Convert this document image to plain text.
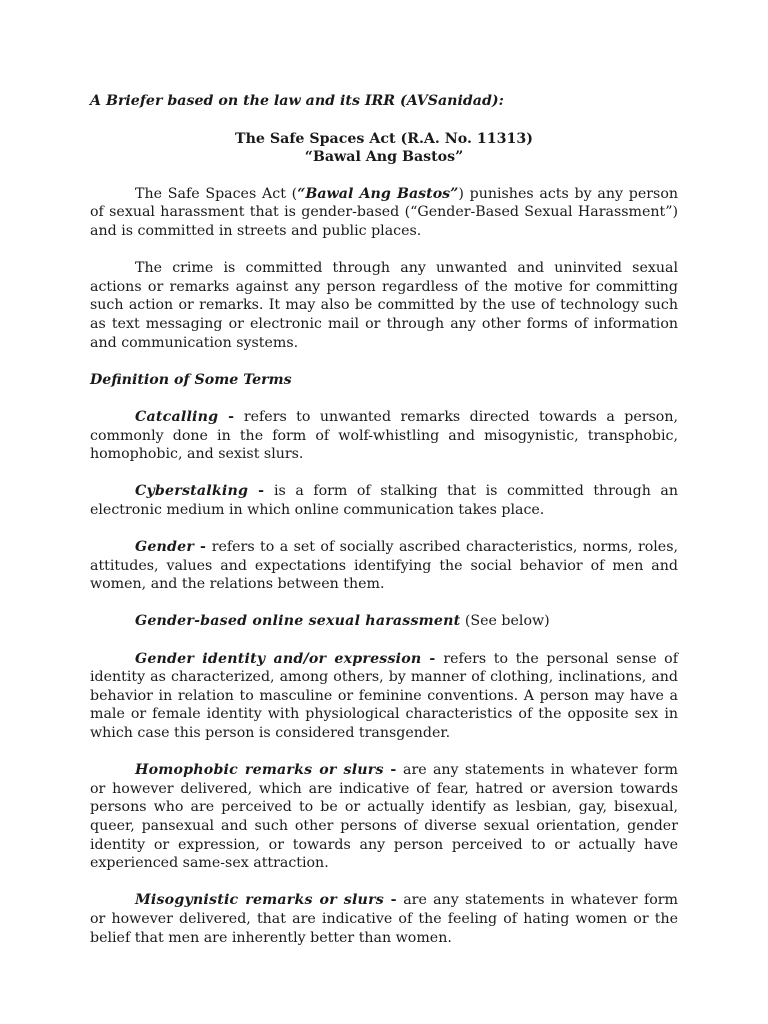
A Briefer based on the law and its IRR (AVSanidad):
The Safe Spaces Act (R.A. No. 11313)
“Bawal Ang Bastos”

The Safe Spaces Act (“Bawal Ang Bastos”) punishes acts by any person of sexual harassment that is gender-based (“Gender-Based Sexual Harassment”) and is committed in streets and public places.

The crime is committed through any unwanted and uninvited sexual actions or remarks against any person regardless of the motive for committing such action or remarks. It may also be committed by the use of technology such as text messaging or electronic mail or through any other forms of information and communication systems.

Definition of Some Terms

Catcalling - refers to unwanted remarks directed towards a person, commonly done in the form of wolf-whistling and misogynistic, transphobic, homophobic, and sexist slurs.

Cyberstalking - is a form of stalking that is committed through an electronic medium in which online communication takes place.

Gender - refers to a set of socially ascribed characteristics, norms, roles, attitudes, values and expectations identifying the social behavior of men and women, and the relations between them.

Gender-based online sexual harassment (See below)

Gender identity and/or expression - refers to the personal sense of identity as characterized, among others, by manner of clothing, inclinations, and behavior in relation to masculine or feminine conventions. A person may have a male or female identity with physiological characteristics of the opposite sex in which case this person is considered transgender.

Homophobic remarks or slurs - are any statements in whatever form or however delivered, which are indicative of fear, hatred or aversion towards persons who are perceived to be or actually identify as lesbian, gay, bisexual, queer, pansexual and such other persons of diverse sexual orientation, gender identity or expression, or towards any person perceived to or actually have experienced same-sex attraction.

Misogynistic remarks or slurs - are any statements in whatever form or however delivered, that are indicative of the feeling of hating women or the belief that men are inherently better than women.
